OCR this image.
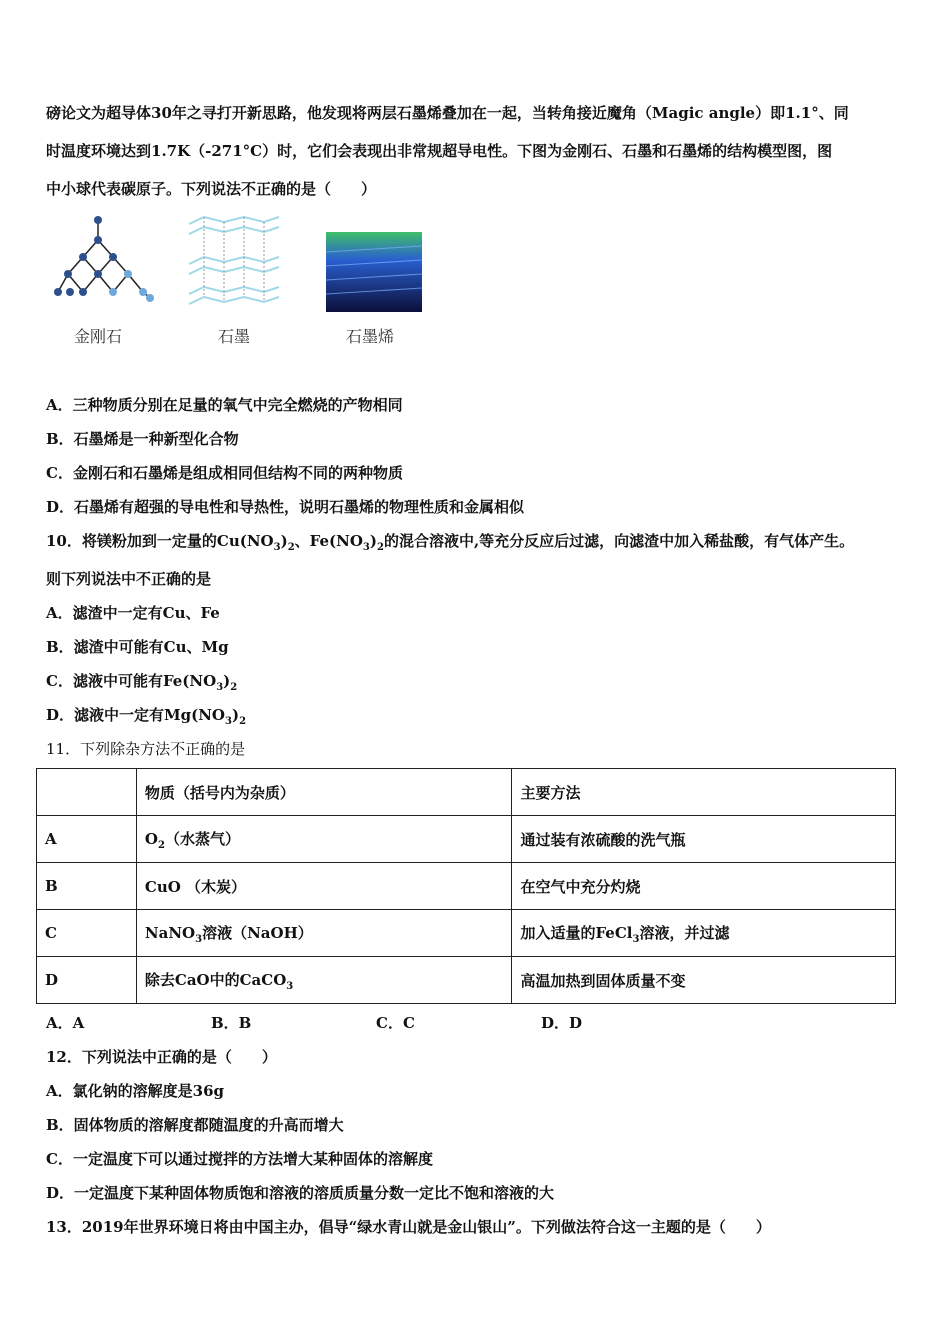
磅论文为超导体30年之寻打开新思路，他发现将两层石墨烯叠加在一起，当转角接近魔角（Magic angle）即1.1°、同
时温度环境达到1.7K（-271°C）时，它们会表现出非常规超导电性。下图为金刚石、石墨和石墨烯的结构模型图，图
中小球代表碳原子。下列说法不正确的是（　　）
金刚石	石墨	石墨烯
A．三种物质分别在足量的氧气中完全燃烧的产物相同
B．石墨烯是一种新型化合物
C．金刚石和石墨烯是组成相同但结构不同的两种物质
D．石墨烯有超强的导电性和导热性，说明石墨烯的物理性质和金属相似
10．将镁粉加到一定量的$Cu(NO_3)_2$、$Fe(NO_3)_2$的混合溶液中,等充分反应后过滤，向滤渣中加入稀盐酸，有气体产生。
则下列说法中不正确的是
A．滤渣中一定有Cu、Fe
B．滤渣中可能有Cu、Mg
C．滤液中可能有$Fe(NO_3)_2$
D．滤液中一定有$Mg(NO_3)_2$
11．下列除杂方法不正确的是
	物质（括号内为杂质）	主要方法
A	$O_2$（水蒸气）	通过装有浓硫酸的洗气瓶
B	CuO （木炭）	在空气中充分灼烧
C	NaNO$_3$溶液（NaOH）	加入适量的FeCl$_3$溶液，并过滤
D	除去CaO中的CaCO$_3$	高温加热到固体质量不变
A．A	B．B	C．C	D．D
12．下列说法中正确的是（　　）
A．氯化钠的溶解度是36g
B．固体物质的溶解度都随温度的升高而增大
C．一定温度下可以通过搅拌的方法增大某种固体的溶解度
D．一定温度下某种固体物质饱和溶液的溶质质量分数一定比不饱和溶液的大
13．2019年世界环境日将由中国主办，倡导“绿水青山就是金山银山”。下列做法符合这一主题的是（　　）
